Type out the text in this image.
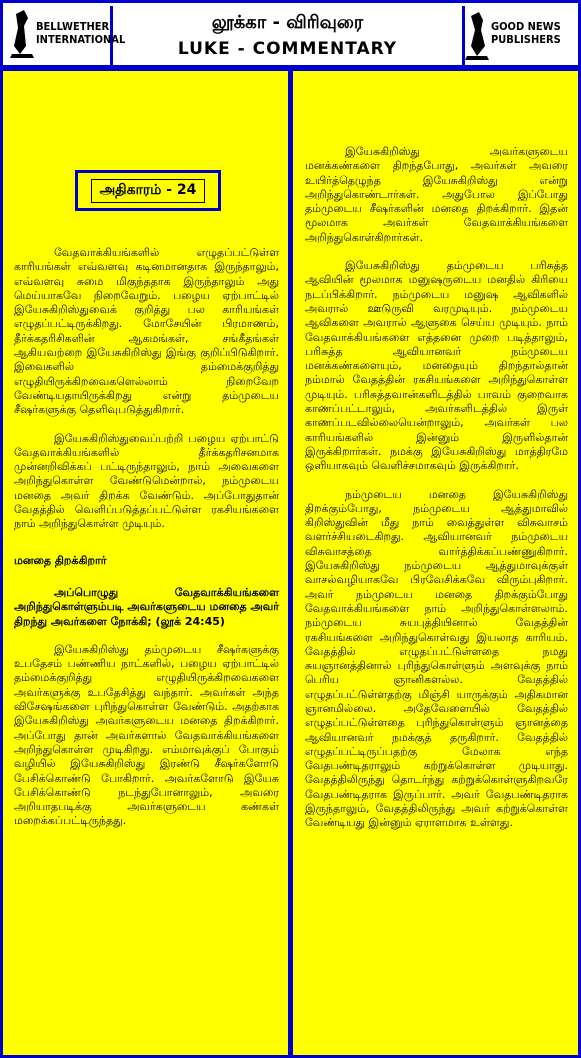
BELLWETHER
INTERNATIONAL
லூக்கா - விரிவுரை
LUKE - COMMENTARY
GOOD NEWS
PUBLISHERS
அதிகாரம் - 24

வேதவாக்கியங்களில் எழுதப்பட்டுள்ள காரியங்கள் எவ்வளவு கடினமானதாக இருந்தாலும், எவ்வளவு சுமை மிகுந்ததாக இருந்தாலும் அது மெய்யாகவே நிறைவேறும். பழைய ஏற்பாட்டில் இயேசுகிறிஸ்துவைக் குறித்து பல காரியங்கள் எழுதப்பட்டிருக்கிறது. மோசேயின் பிரமாணம், தீர்க்கதரிசிகளின் ஆகமங்கள், சங்கீதங்கள் ஆகியவற்றை இயேசுகிறிஸ்து இங்கு குறிப்பிடுகிறார். இவைகளில் தம்மைக்குறித்து எழுதியிருக்கிறவைகளெல்லாம் நிறைவேற வேண்டியதாயிருக்கிறது என்று தம்முடைய சீஷர்களுக்கு தெளிவுபடுத்துகிறார்.

இயேசுகிறிஸ்துவைப்பற்றி பழைய ஏற்பாட்டு வேதவாக்கியங்களில் தீர்க்கதரிசனமாக முன்னறிவிக்கப் பட்டிருந்தாலும், நாம் அவைகளை அறிந்துகொள்ள வேண்டுமென்றால், நம்முடைய மனதை அவர் திறக்க வேண்டும். அப்போதுதான் வேதத்தில் வெளிப்படுத்தப்பட்டுள்ள ரகசியங்களை நாம் அறிந்துகொள்ள முடியும்.

மனதை திறக்கிறார்

அப்பொழுது வேதவாக்கியங்களை அறிந்துகொள்ளும்படி அவர்களுடைய மனதை அவர் திறந்து அவர்களை நோக்கி; (லூக் 24:45)

இயேசுகிறிஸ்து தம்முடைய சீஷர்களுக்கு உபதேசம் பண்ணிய நாட்களில், பழைய ஏற்பாட்டில் தம்மைக்குறித்து எழுதியிருக்கிறவைகளை அவர்களுக்கு உபதேசித்து வந்தார். அவர்கள் அந்த விசேஷங்களை புரிந்துகொள்ள வேண்டும். அதற்காக இயேசுகிறிஸ்து அவர்களுடைய மனதை திறக்கிறார். அப்போது தான் அவர்களால் வேதவாக்கியங்களை அறிந்துகொள்ள முடிகிறது. எம்மாவுக்குப் போகும் வழியில் இயேசுகிறிஸ்து இரண்டு சீஷர்களோடு பேசிக்கொண்டு போகிறார். அவர்களோடு இயேசு பேசிக்கொண்டு நடந்துபோனாலும், அவரை அறியாதபடிக்கு அவர்களுடைய கண்கள் மறைக்கப்பட்டிருந்தது.

இயேசுகிறிஸ்து அவர்களுடைய மனக்கண்களை திறந்தபோது, அவர்கள் அவரை உயிர்த்தெழுந்த இயேசுகிறிஸ்து என்று அறிந்துகொண்டார்கள். அதுபோல இப்போது தம்முடைய சீஷர்களின் மனதை திறக்கிறார். இதன் மூலமாக அவர்கள் வேதவாக்கியங்களை அறிந்துகொள்கிறார்கள்.

இயேசுகிறிஸ்து தம்முடைய பரிசுத்த ஆவியின் மூலமாக மனுஷருடைய மனதில் கிரியை நடப்பிக்கிறார். நம்முடைய மனுஷ ஆவிகளில் அவரால் ஊடுருவி வரமுடியும். நம்முடைய ஆவிகளை அவரால் ஆளுகை செய்ய முடியும். நாம் வேதவாக்கியங்களை எத்தனை முறை படித்தாலும், பரிசுத்த ஆவியானவர் நம்முடைய மனக்கண்களையும், மனதையும் திறந்தால்தான் நம்மால் வேதத்தின் ரகசியங்களை அறிந்துகொள்ள முடியும். பரிசுத்தவான்களிடத்தில் பாவம் குறைவாக காணப்பட்டாலும், அவர்களிடத்தில் இருள் காணப்படவில்லையென்றாலும், அவர்கள் பல காரியங்களில் இன்னும் இருளில்தான் இருக்கிறார்கள். நமக்கு இயேசுகிறிஸ்து மாத்திரமே ஒளியாகவும் வெளிச்சமாகவும் இருக்கிறார்.

நம்முடைய மனதை இயேசுகிறிஸ்து திறக்கும்போது, நம்முடைய ஆத்துமாவில் கிறிஸ்துவின் மீது நாம் வைத்துள்ள விசுவாசம் வளர்ச்சியடைகிறது. ஆவியானவர் நம்முடைய விசுவாசத்தை வார்த்திக்கப்பண்ணுகிறார். இயேசுகிறிஸ்து நம்முடைய ஆத்துமாவுக்குள் வாசல்வழியாகவே பிரவேசிக்கவே விரும்புகிறார். அவர் நம்முடைய மனதை திறக்கும்போது வேதவாக்கியங்களை நாம் அறிந்துகொள்ளலாம். நம்முடைய சுயபுத்தியினால் வேதத்தின் ரகசியங்களை அறிந்துகொள்வது இயலாத காரியம். வேதத்தில் எழுதப்பட்டுள்ளதை நமது சுயஞானத்தினால் புரிந்துகொள்ளும் அளவுக்கு நாம் பெரிய ஞானிகளல்ல. வேதத்தில் எழுதப்பட்டுள்ளதற்கு மிஞ்சி யாருக்கும் அதிகமான ஞானமில்லை. அதேவேளையில் வேதத்தில் எழுதப்பட்டுள்ளதை புரிந்துகொள்ளும் ஞானத்தை ஆவியானவர் நமக்குத் தருகிறார். வேதத்தில் எழுதப்பட்டிருப்பதற்கு மேலாக எந்த வேதபண்டிதராலும் கற்றுக்கொள்ள முடியாது. வேதத்திலிருந்து தொடர்ந்து கற்றுக்கொள்ளுகிறவரே வேதபண்டிதராக இருப்பார். அவர் வேதபண்டிதராக இருந்தாலும், வேதத்திலிருந்து அவர் கற்றுக்கொள்ள வேண்டியது இன்னும் ஏராளமாக உள்ளது.
